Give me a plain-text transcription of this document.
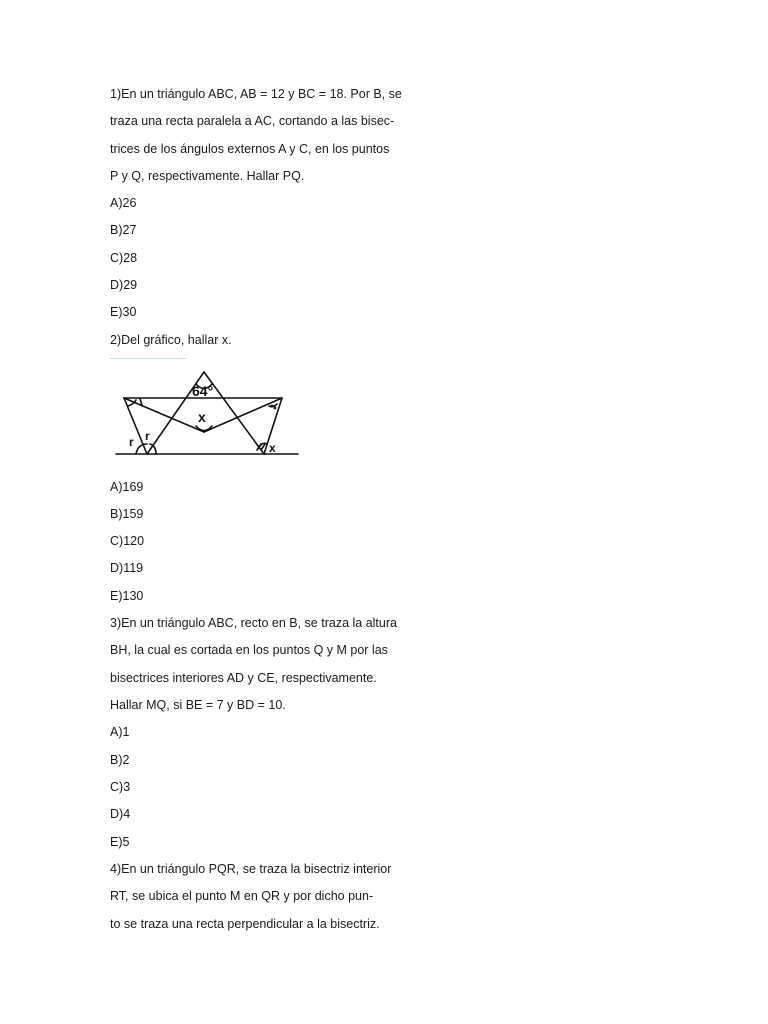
1)En un triángulo ABC, AB = 12 y BC = 18. Por B, se
traza una recta paralela a AC, cortando a las bisec-
trices de los ángulos externos A y C, en los puntos
P y Q, respectivamente. Hallar PQ.
A)26
B)27
C)28
D)29
E)30
2)Del gráfico, hallar x.
64°
x
x
r r
A)169
B)159
C)120
D)119
E)130
3)En un triángulo ABC, recto en B, se traza la altura
BH, la cual es cortada en los puntos Q y M por las
bisectrices interiores AD y CE, respectivamente.
Hallar MQ, si BE = 7 y BD = 10.
A)1
B)2
C)3
D)4
E)5
4)En un triángulo PQR, se traza la bisectriz interior
RT, se ubica el punto M en QR y por dicho pun-
to se traza una recta perpendicular a la bisectriz.
